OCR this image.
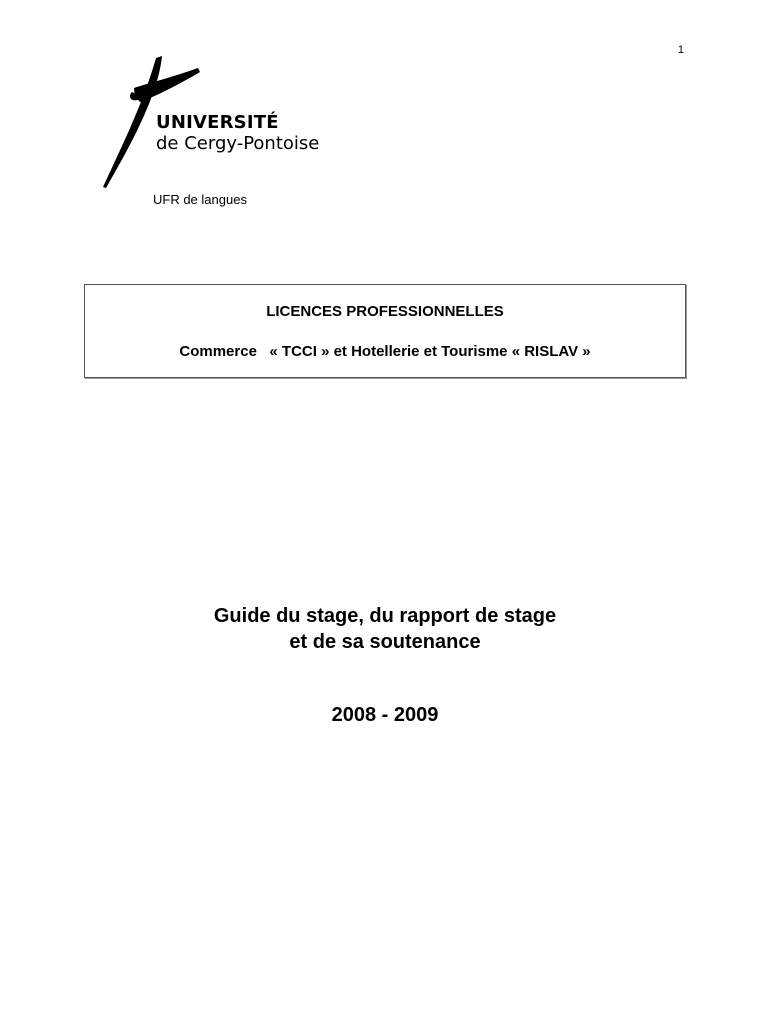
1
UNIVERSITÉ
de Cergy-Pontoise
UFR de langues
LICENCES PROFESSIONNELLES
Commerce   « TCCI » et Hotellerie et Tourisme « RISLAV »
Guide du stage, du rapport de stage
et de sa soutenance
2008 - 2009
